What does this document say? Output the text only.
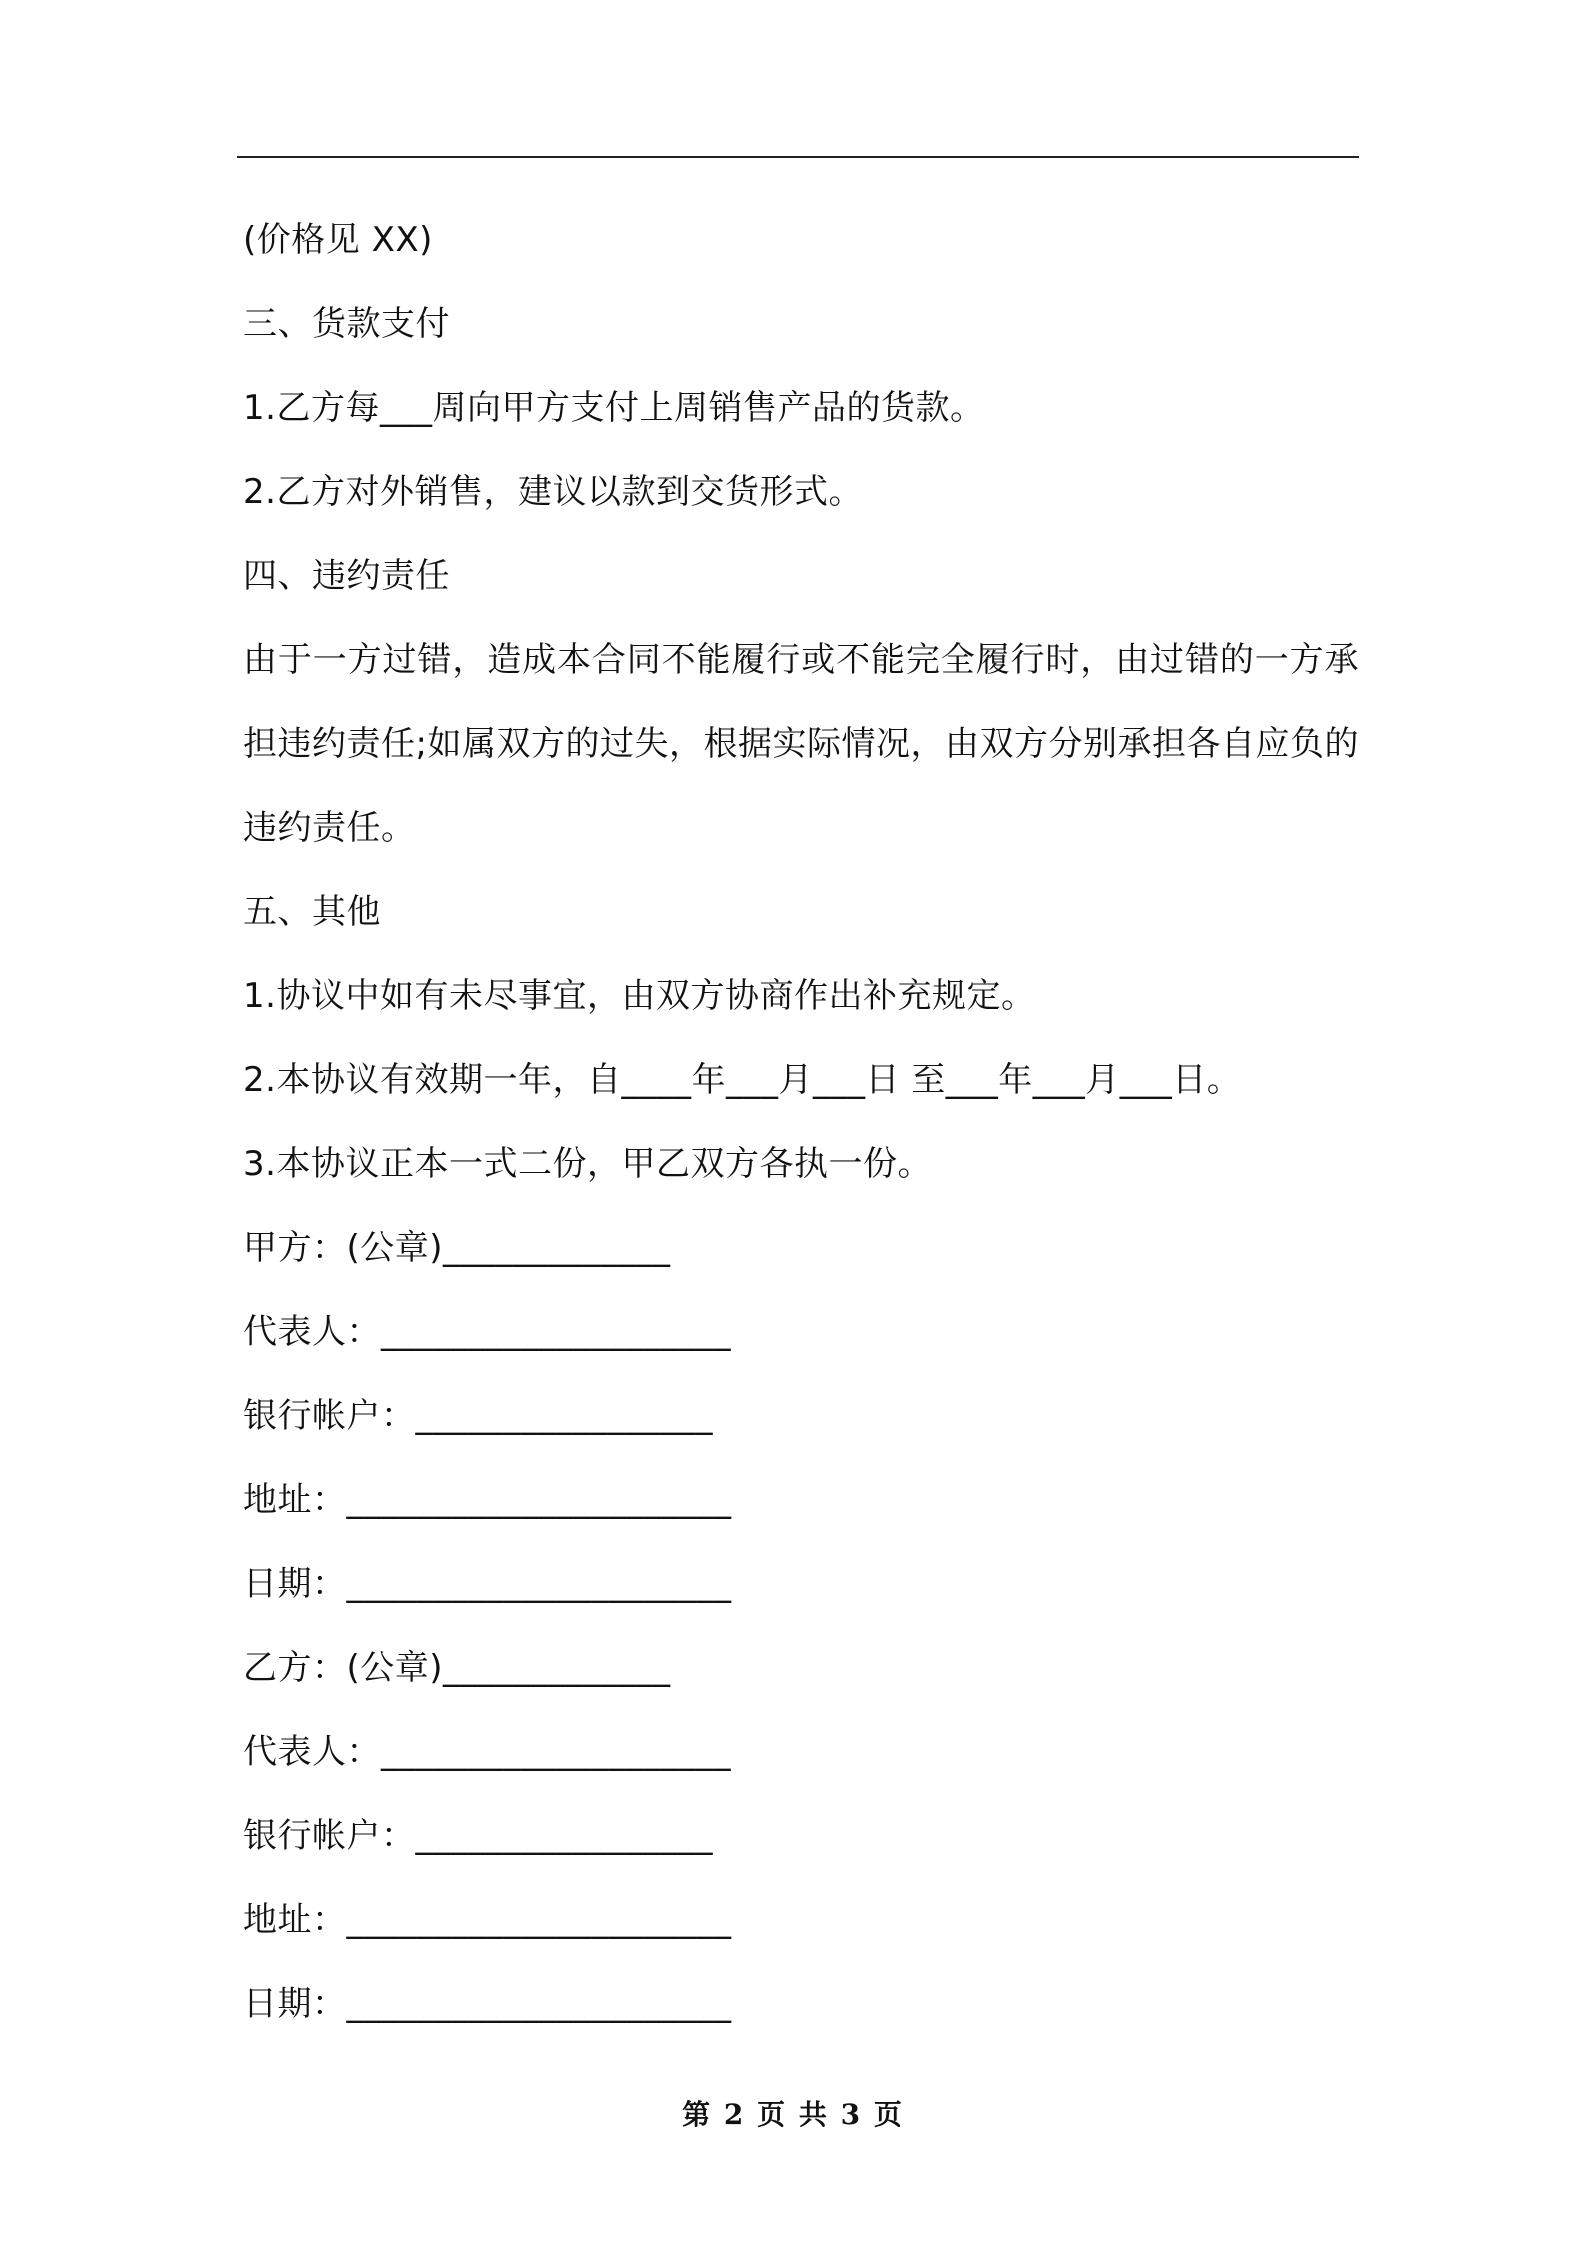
(价格见 XX)
三、货款支付
1.乙方每___周向甲方支付上周销售产品的货款。
2.乙方对外销售，建议以款到交货形式。
四、违约责任
由于一方过错，造成本合同不能履行或不能完全履行时，由过错的一方承担违约责任;如属双方的过失，根据实际情况，由双方分别承担各自应负的违约责任。
五、其他
1.协议中如有未尽事宜，由双方协商作出补充规定。
2.本协议有效期一年，自____年___月___日 至___年___月___日。
3.本协议正本一式二份，甲乙双方各执一份。
甲方：(公章)_____________
代表人：____________________
银行帐户：_________________
地址：______________________
日期：______________________
乙方：(公章)_____________
代表人：____________________
银行帐户：_________________
地址：______________________
日期：______________________
第 2 页 共 3 页
